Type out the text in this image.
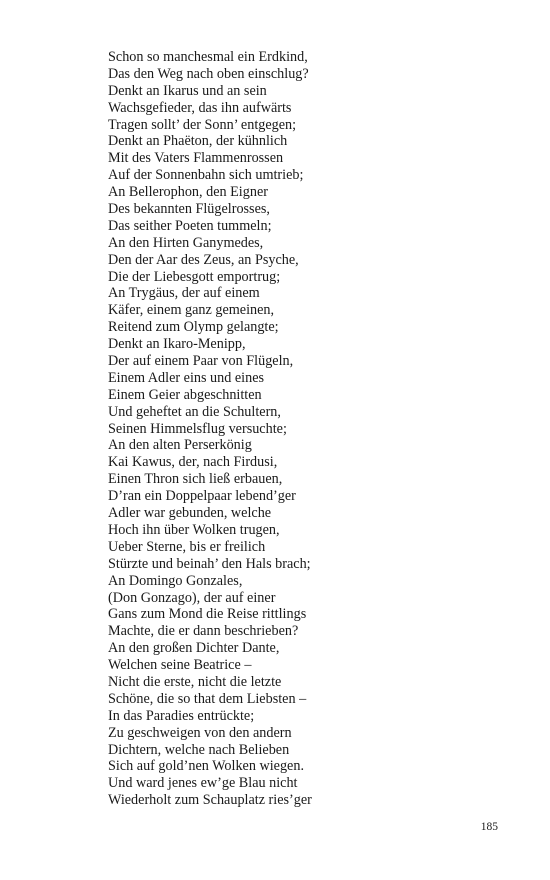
Schon so manchesmal ein Erdkind,
Das den Weg nach oben einschlug?
Denkt an Ikarus und an sein
Wachsgefieder, das ihn aufwärts
Tragen sollt’ der Sonn’ entgegen;
Denkt an Phaëton, der kühnlich
Mit des Vaters Flammenrossen
Auf der Sonnenbahn sich umtrieb;
An Bellerophon, den Eigner
Des bekannten Flügelrosses,
Das seither Poeten tummeln;
An den Hirten Ganymedes,
Den der Aar des Zeus, an Psyche,
Die der Liebesgott emportrug;
An Trygäus, der auf einem
Käfer, einem ganz gemeinen,
Reitend zum Olymp gelangte;
Denkt an Ikaro-Menipp,
Der auf einem Paar von Flügeln,
Einem Adler eins und eines
Einem Geier abgeschnitten
Und geheftet an die Schultern,
Seinen Himmelsflug versuchte;
An den alten Perserkönig
Kai Kawus, der, nach Firdusi,
Einen Thron sich ließ erbauen,
D’ran ein Doppelpaar lebend’ger
Adler war gebunden, welche
Hoch ihn über Wolken trugen,
Ueber Sterne, bis er freilich
Stürzte und beinah’ den Hals brach;
An Domingo Gonzales,
(Don Gonzago), der auf einer
Gans zum Mond die Reise rittlings
Machte, die er dann beschrieben?
An den großen Dichter Dante,
Welchen seine Beatrice –
Nicht die erste, nicht die letzte
Schöne, die so that dem Liebsten –
In das Paradies entrückte;
Zu geschweigen von den andern
Dichtern, welche nach Belieben
Sich auf gold’nen Wolken wiegen.
Und ward jenes ew’ge Blau nicht
Wiederholt zum Schauplatz ries’ger
185
